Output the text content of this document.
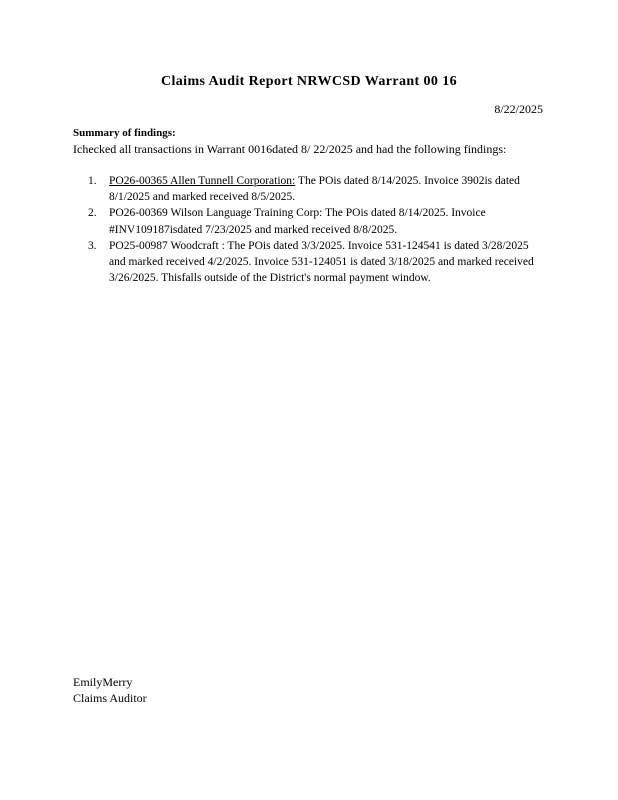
Claims Audit Report NRWCSD Warrant 00 16
8/22/2025
Summary of findings:
Ichecked all transactions in Warrant 0016dated 8/ 22/2025 and had the following findings:
1. PO26-00365 Allen Tunnell Corporation: The POis dated 8/14/2025. Invoice 3902is dated 8/1/2025 and marked received 8/5/2025.
2. PO26-00369 Wilson Language Training Corp: The POis dated 8/14/2025. Invoice #INV109187isdated 7/23/2025 and marked received 8/8/2025.
3. PO25-00987 Woodcraft : The POis dated 3/3/2025. Invoice 531-124541 is dated 3/28/2025 and marked received 4/2/2025. Invoice 531-124051 is dated 3/18/2025 and marked received 3/26/2025. Thisfalls outside of the District's normal payment window.
EmilyMerry
Claims Auditor
